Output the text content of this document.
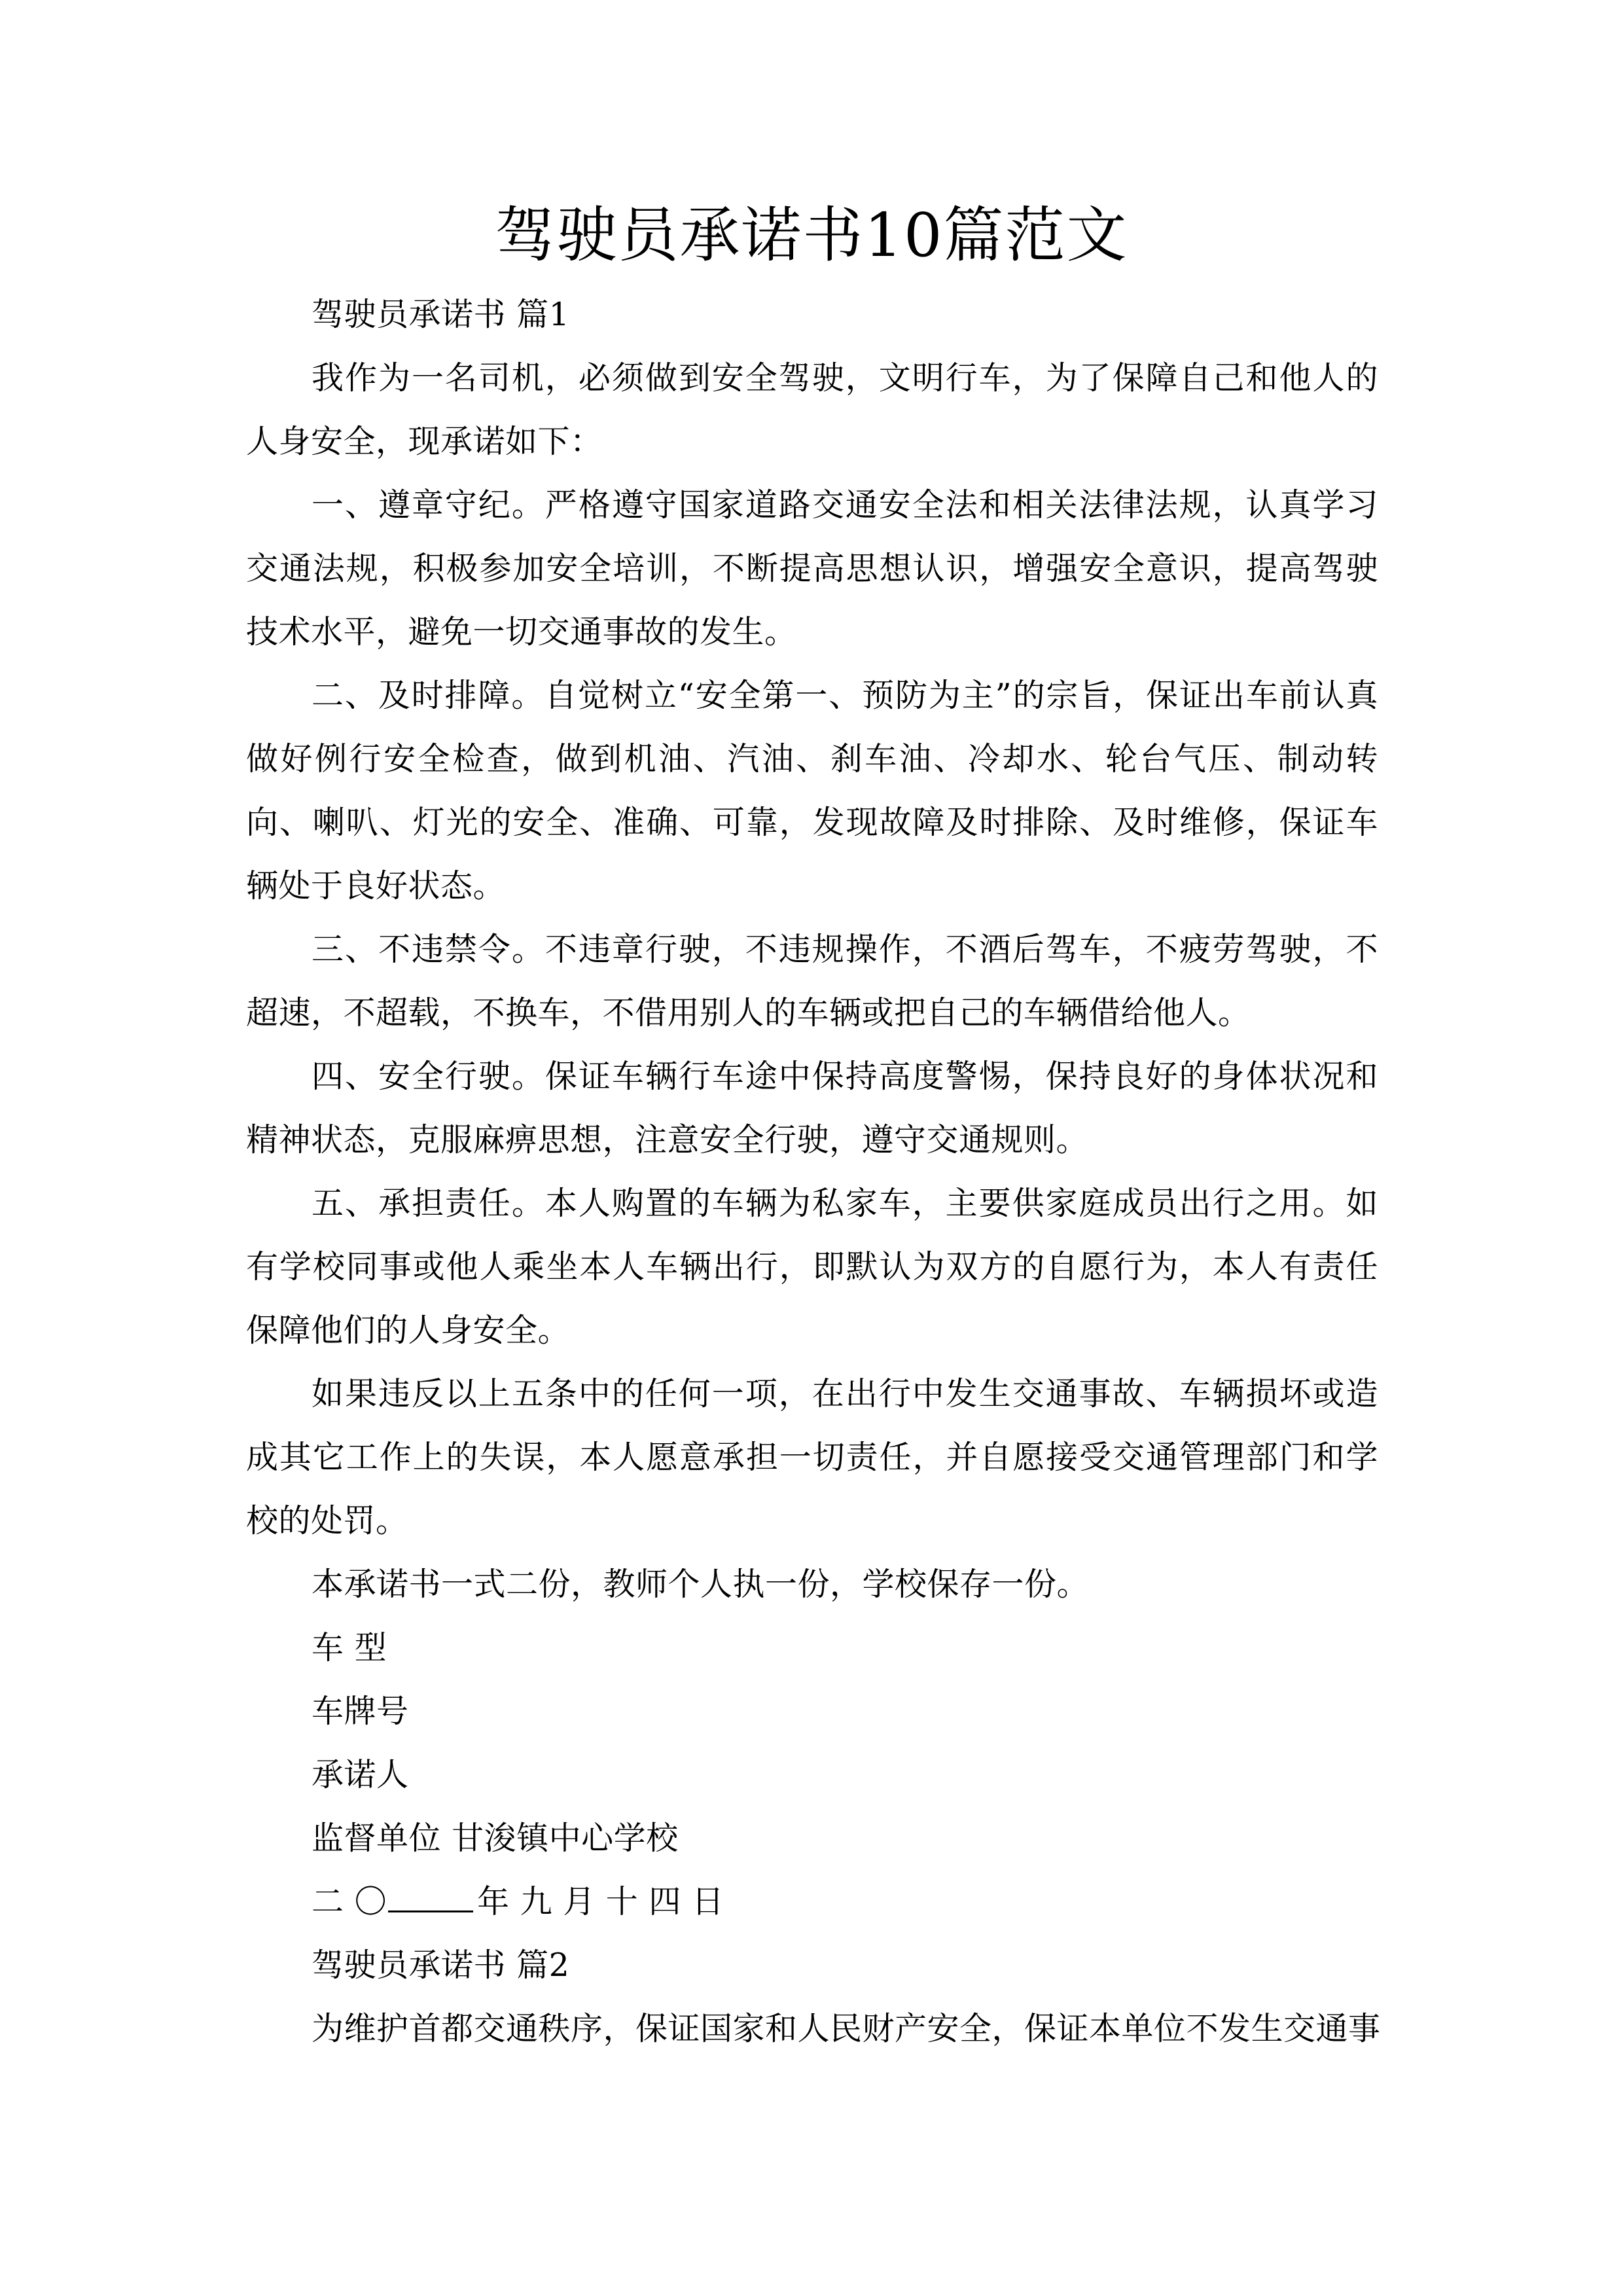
驾驶员承诺书10篇范文

驾驶员承诺书 篇1

我作为一名司机，必须做到安全驾驶，文明行车，为了保障自己和他人的人身安全，现承诺如下：

一、遵章守纪。严格遵守国家道路交通安全法和相关法律法规，认真学习交通法规，积极参加安全培训，不断提高思想认识，增强安全意识，提高驾驶技术水平，避免一切交通事故的发生。

二、及时排障。自觉树立“安全第一、预防为主”的宗旨，保证出车前认真做好例行安全检查，做到机油、汽油、刹车油、冷却水、轮台气压、制动转向、喇叭、灯光的安全、准确、可靠，发现故障及时排除、及时维修，保证车辆处于良好状态。

三、不违禁令。不违章行驶，不违规操作，不酒后驾车，不疲劳驾驶，不超速，不超载，不换车，不借用别人的车辆或把自己的车辆借给他人。

四、安全行驶。保证车辆行车途中保持高度警惕，保持良好的身体状况和精神状态，克服麻痹思想，注意安全行驶，遵守交通规则。

五、承担责任。本人购置的车辆为私家车，主要供家庭成员出行之用。如有学校同事或他人乘坐本人车辆出行，即默认为双方的自愿行为，本人有责任保障他们的人身安全。

如果违反以上五条中的任何一项，在出行中发生交通事故、车辆损坏或造成其它工作上的失误，本人愿意承担一切责任，并自愿接受交通管理部门和学校的处罚。

本承诺书一式二份，教师个人执一份，学校保存一份。

车 型

车牌号

承诺人

监督单位 甘浚镇中心学校

二 〇	年 九 月 十 四 日

驾驶员承诺书 篇2

为维护首都交通秩序，保证国家和人民财产安全，保证本单位不发生交通事
